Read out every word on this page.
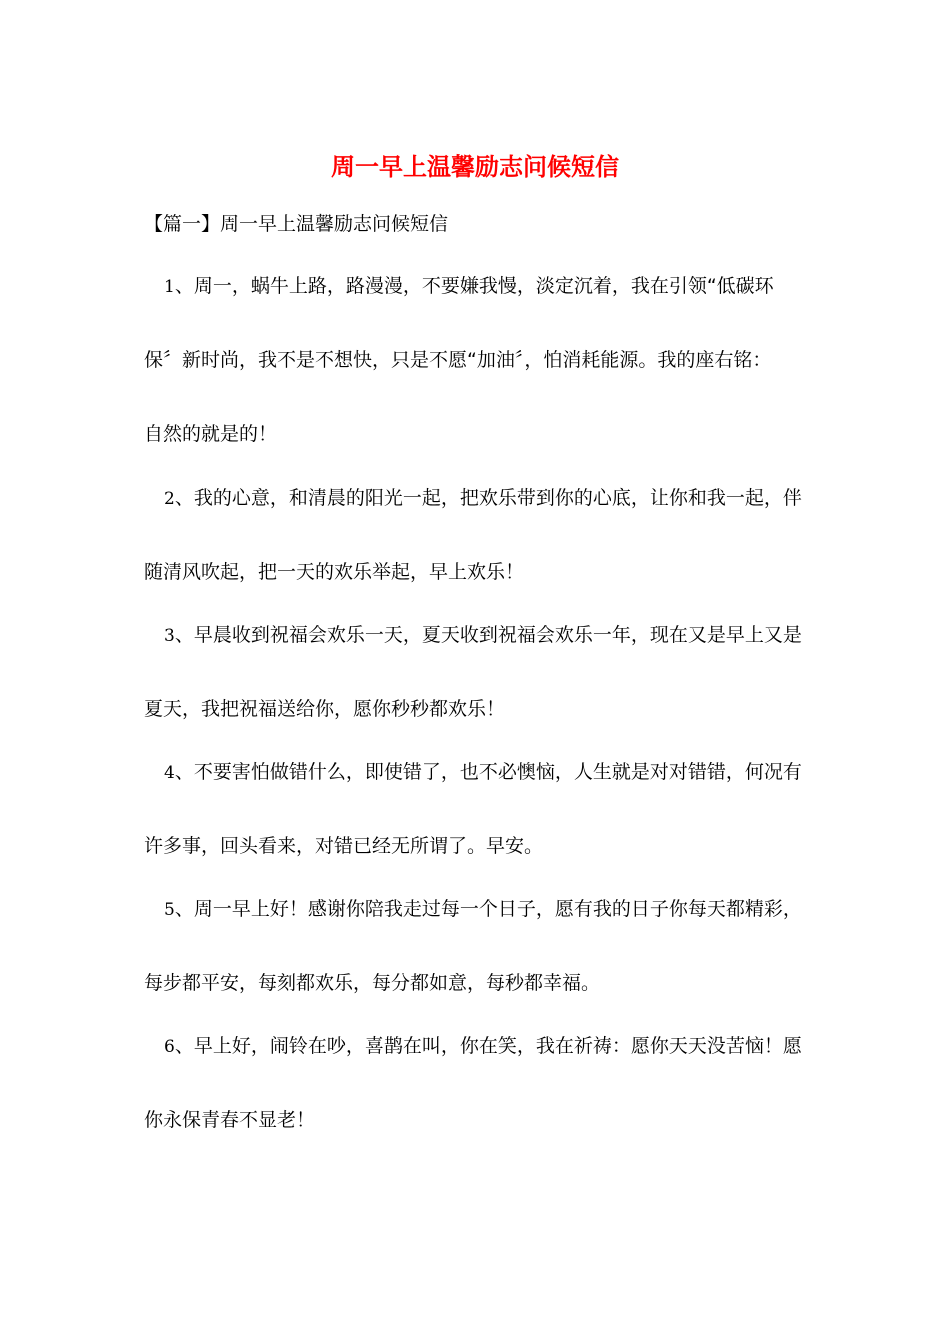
周一早上温馨励志问候短信

【篇一】周一早上温馨励志问候短信

1、周一，蜗牛上路，路漫漫，不要嫌我慢，淡定沉着，我在引领“低碳环
保〞新时尚，我不是不想快，只是不愿“加油〞，怕消耗能源。我的座右铭：
自然的就是的！
2、我的心意，和清晨的阳光一起，把欢乐带到你的心底，让你和我一起，伴
随清风吹起，把一天的欢乐举起，早上欢乐！
3、早晨收到祝福会欢乐一天，夏天收到祝福会欢乐一年，现在又是早上又是
夏天，我把祝福送给你，愿你秒秒都欢乐！
4、不要害怕做错什么，即使错了，也不必懊恼，人生就是对对错错，何况有
许多事，回头看来，对错已经无所谓了。早安。
5、周一早上好！感谢你陪我走过每一个日子，愿有我的日子你每天都精彩，
每步都平安，每刻都欢乐，每分都如意，每秒都幸福。
6、早上好，闹铃在吵，喜鹊在叫，你在笑，我在祈祷：愿你天天没苦恼！愿
你永保青春不显老！
